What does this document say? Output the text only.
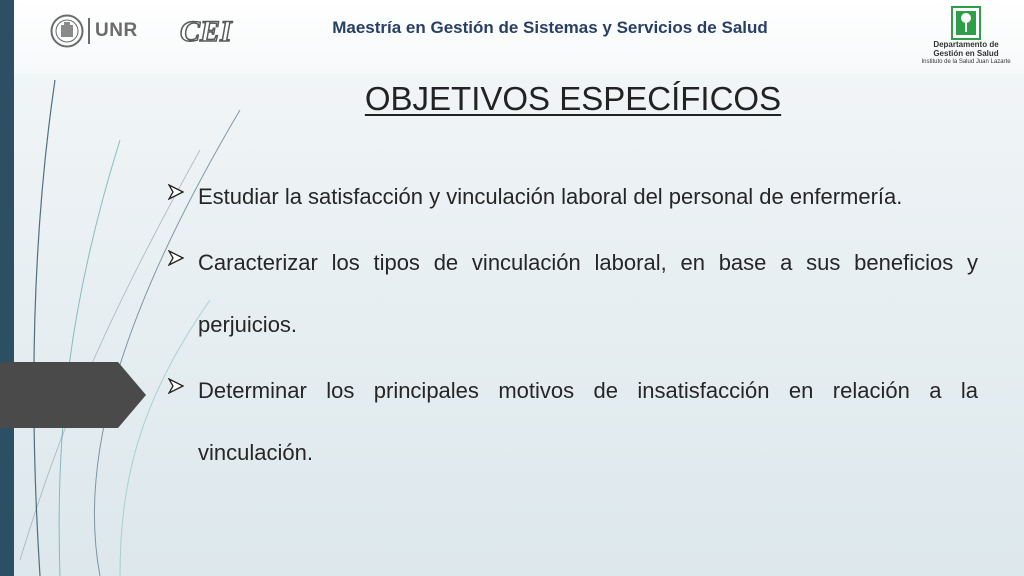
UNR CEI	Maestría en Gestión de Sistemas y Servicios de Salud
Departamento de
Gestión en Salud
Instituto de la Salud Juan Lazarte
OBJETIVOS ESPECÍFICOS
Estudiar la satisfacción y vinculación laboral del personal de enfermería.
Caracterizar los tipos de vinculación laboral, en base a sus beneficios y perjuicios.
Determinar los principales motivos de insatisfacción en relación a la vinculación.
